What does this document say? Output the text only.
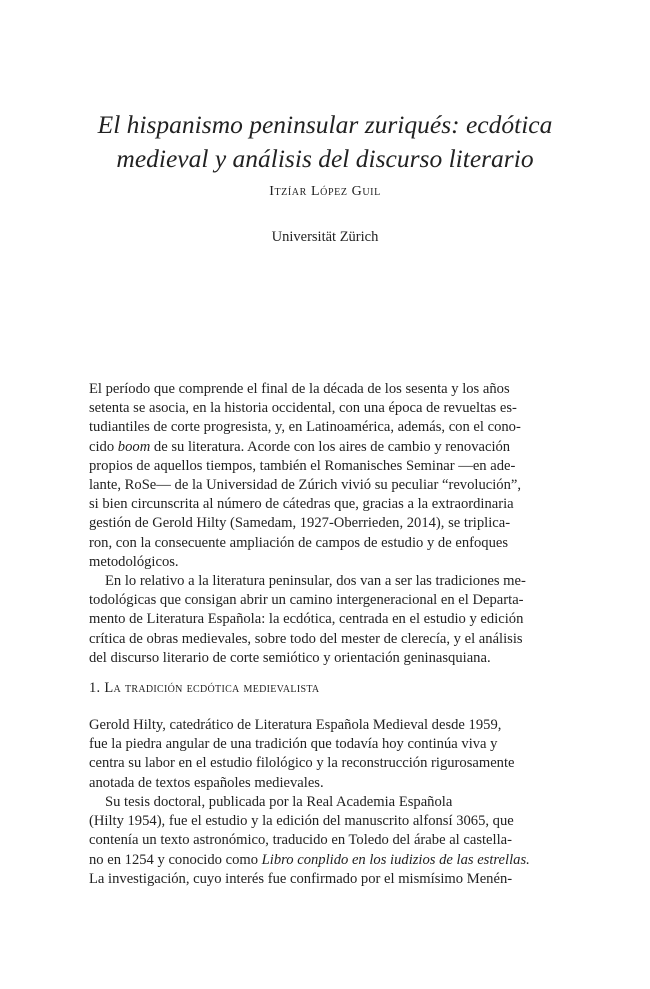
El hispanismo peninsular zuriqués: ecdótica
medieval y análisis del discurso literario
Itzíar López Guil
Universität Zürich
El período que comprende el final de la década de los sesenta y los años
setenta se asocia, en la historia occidental, con una época de revueltas es-
tudiantiles de corte progresista, y, en Latinoamérica, además, con el cono-
cido boom de su literatura. Acorde con los aires de cambio y renovación
propios de aquellos tiempos, también el Romanisches Seminar —en ade-
lante, RoSe— de la Universidad de Zúrich vivió su peculiar “revolución”,
si bien circunscrita al número de cátedras que, gracias a la extraordinaria
gestión de Gerold Hilty (Samedam, 1927-Oberrieden, 2014), se triplica-
ron, con la consecuente ampliación de campos de estudio y de enfoques
metodológicos.
En lo relativo a la literatura peninsular, dos van a ser las tradiciones me-
todológicas que consigan abrir un camino intergeneracional en el Departa-
mento de Literatura Española: la ecdótica, centrada en el estudio y edición
crítica de obras medievales, sobre todo del mester de clerecía, y el análisis
del discurso literario de corte semiótico y orientación geninasquiana.
1. La tradición ecdótica medievalista
Gerold Hilty, catedrático de Literatura Española Medieval desde 1959,
fue la piedra angular de una tradición que todavía hoy continúa viva y
centra su labor en el estudio filológico y la reconstrucción rigurosamente
anotada de textos españoles medievales.
Su tesis doctoral, publicada por la Real Academia Española
(Hilty 1954), fue el estudio y la edición del manuscrito alfonsí 3065, que
contenía un texto astronómico, traducido en Toledo del árabe al castella-
no en 1254 y conocido como Libro conplido en los iudizios de las estrellas.
La investigación, cuyo interés fue confirmado por el mismísimo Menén-
